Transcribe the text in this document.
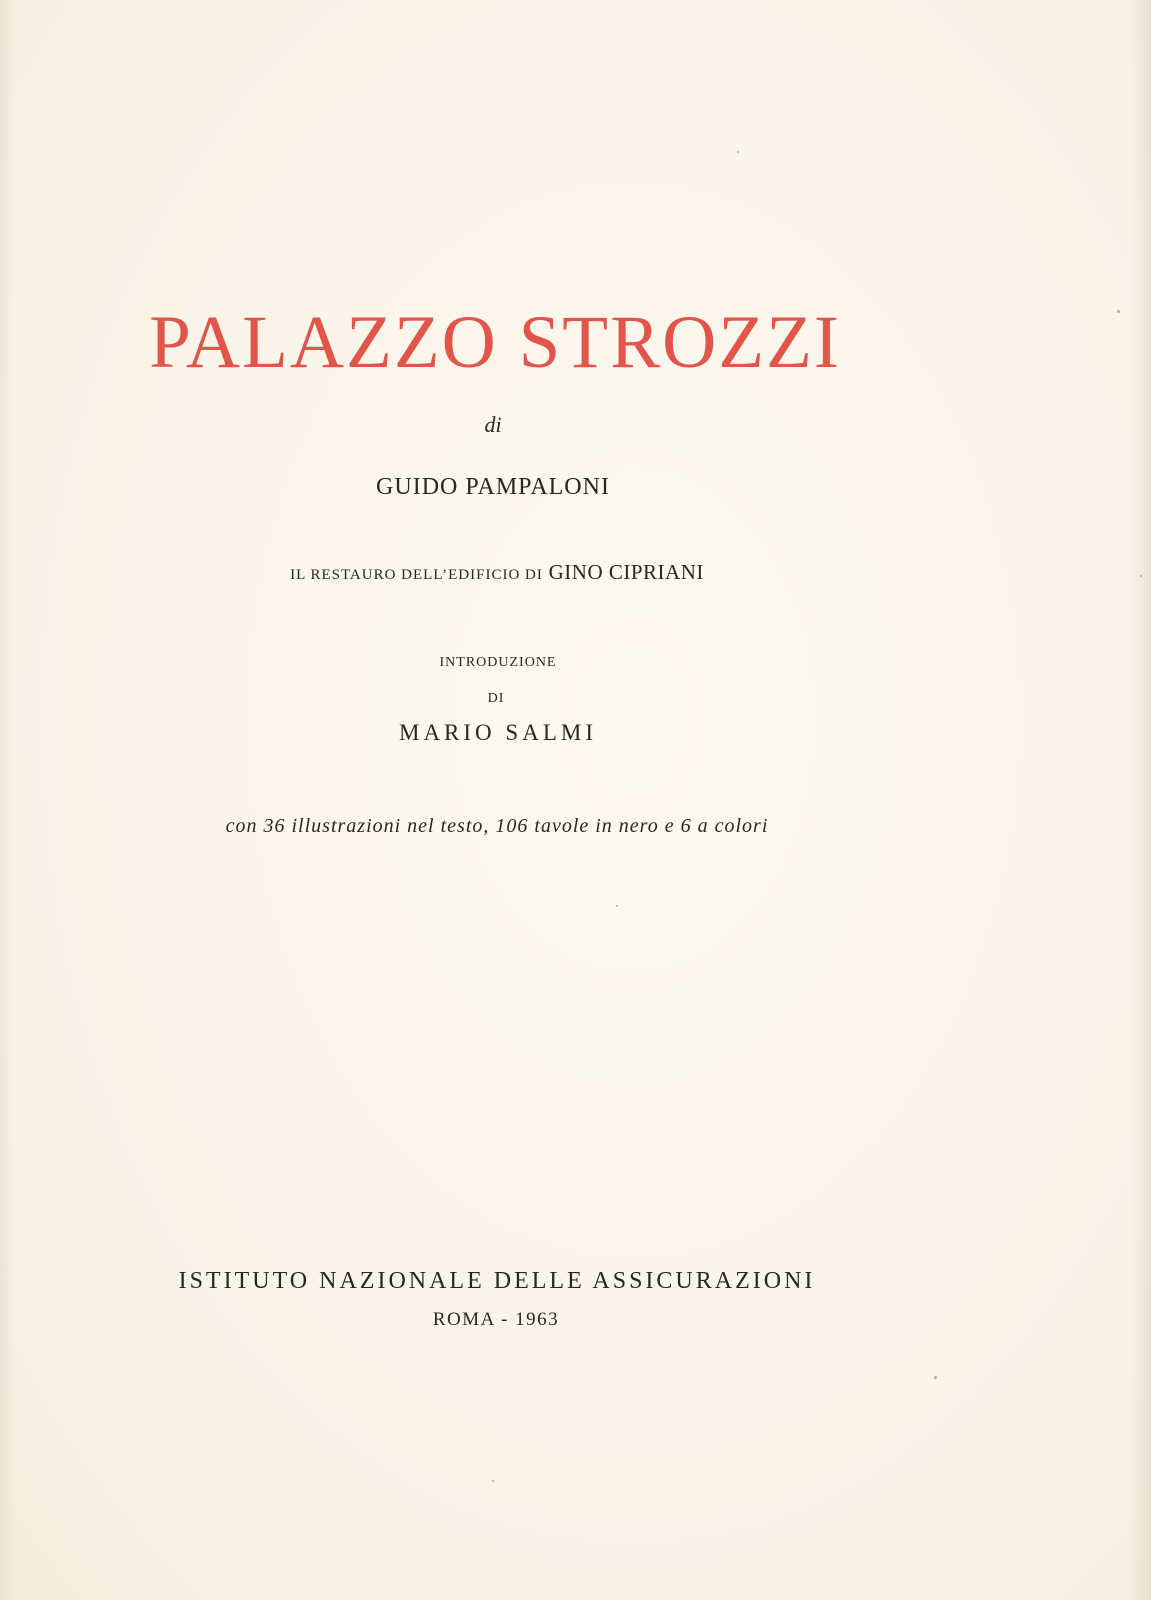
PALAZZO STROZZI
di
GUIDO PAMPALONI
IL RESTAURO DELL’EDIFICIO DI GINO CIPRIANI
INTRODUZIONE
DI
MARIO SALMI
con 36 illustrazioni nel testo, 106 tavole in nero e 6 a colori
ISTITUTO NAZIONALE DELLE ASSICURAZIONI
ROMA - 1963
